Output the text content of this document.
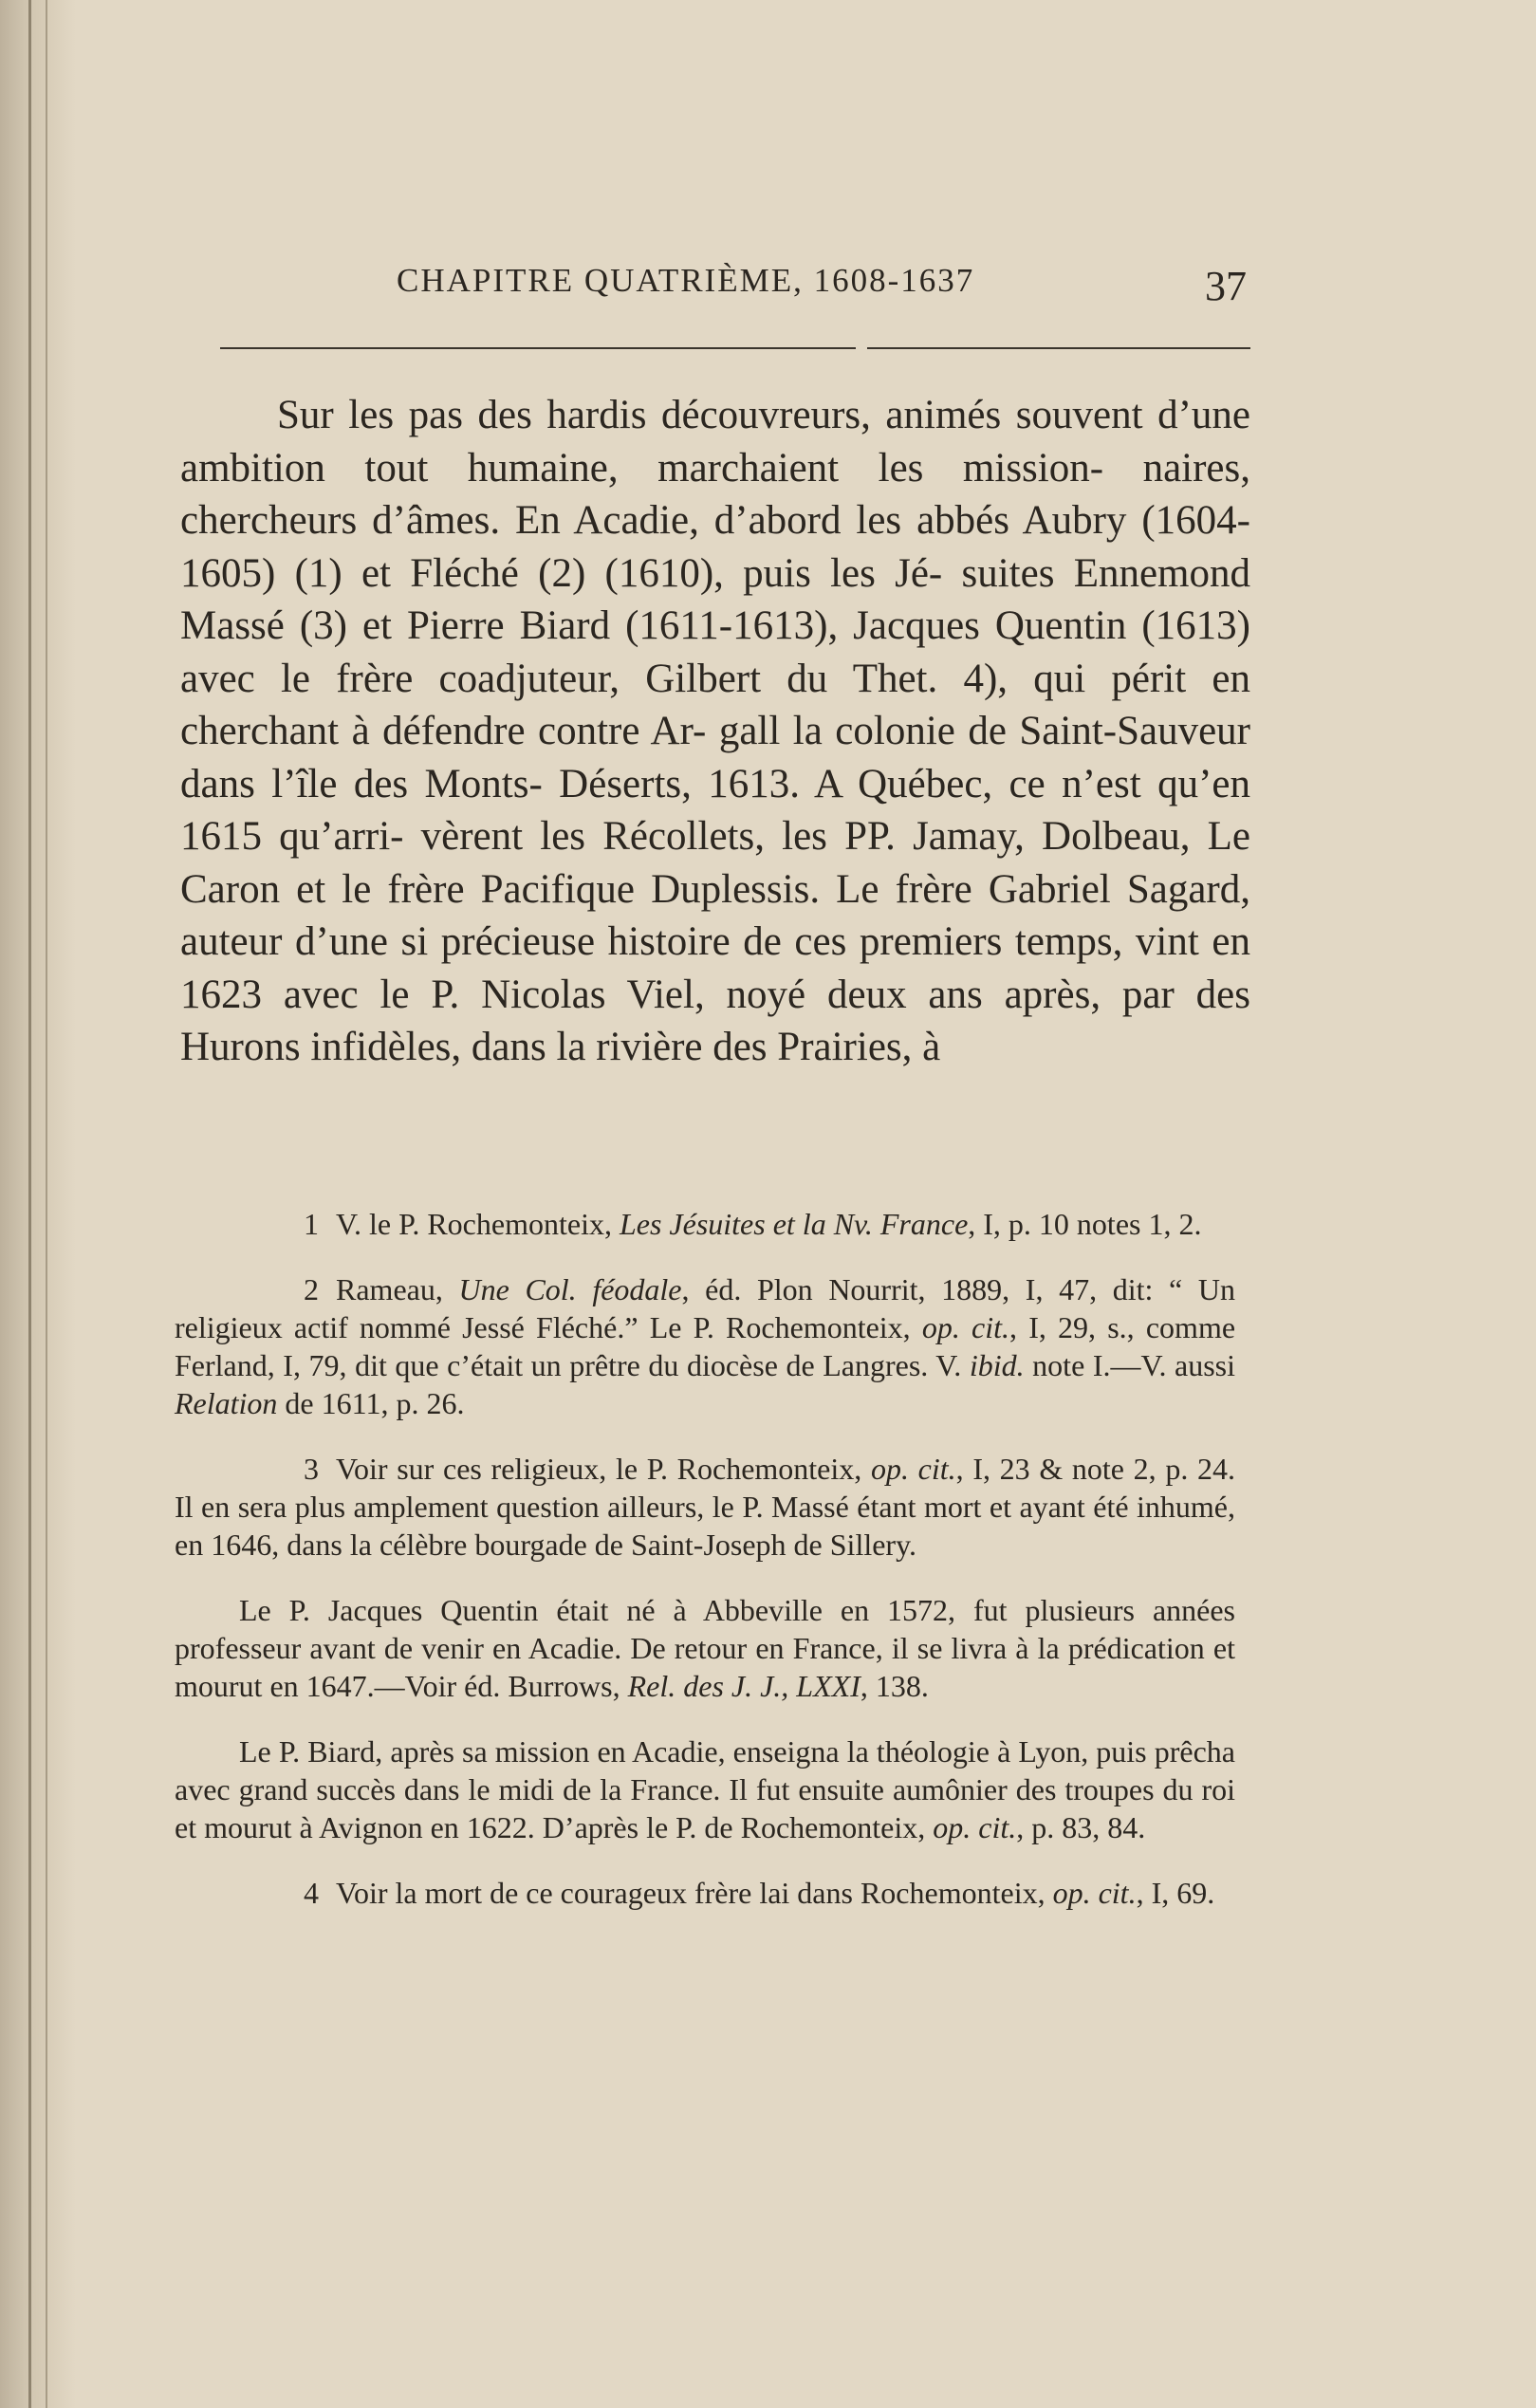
CHAPITRE QUATRIÈME, 1608-1637	37

Sur les pas des hardis découvreurs, animés souvent d’une ambition tout humaine, marchaient les mission- naires, chercheurs d’âmes. En Acadie, d’abord les abbés Aubry (1604-1605) (1) et Fléché (2) (1610), puis les Jé- suites Ennemond Massé (3) et Pierre Biard (1611-1613), Jacques Quentin (1613) avec le frère coadjuteur, Gilbert du Thet. 4), qui périt en cherchant à défendre contre Ar- gall la colonie de Saint-Sauveur dans l’île des Monts- Déserts, 1613. A Québec, ce n’est qu’en 1615 qu’arri- vèrent les Récollets, les PP. Jamay, Dolbeau, Le Caron et le frère Pacifique Duplessis. Le frère Gabriel Sagard, auteur d’une si précieuse histoire de ces premiers temps, vint en 1623 avec le P. Nicolas Viel, noyé deux ans après, par des Hurons infidèles, dans la rivière des Prairies, à

1 V. le P. Rochemonteix, Les Jésuites et la Nv. France, I, p. 10 notes 1, 2.

2 Rameau, Une Col. féodale, éd. Plon Nourrit, 1889, I, 47, dit: “ Un religieux actif nommé Jessé Fléché.” Le P. Rochemonteix, op. cit., I, 29, s., comme Ferland, I, 79, dit que c’était un prêtre du diocèse de Langres. V. ibid. note I.—V. aussi Relation de 1611, p. 26.

3 Voir sur ces religieux, le P. Rochemonteix, op. cit., I, 23 & note 2, p. 24. Il en sera plus amplement question ailleurs, le P. Massé étant mort et ayant été inhumé, en 1646, dans la célèbre bourgade de Saint-Joseph de Sillery.

Le P. Jacques Quentin était né à Abbeville en 1572, fut plusieurs années professeur avant de venir en Acadie. De retour en France, il se livra à la prédication et mourut en 1647.—Voir éd. Burrows, Rel. des J. J., LXXI, 138.

Le P. Biard, après sa mission en Acadie, enseigna la théologie à Lyon, puis prêcha avec grand succès dans le midi de la France. Il fut ensuite aumônier des troupes du roi et mourut à Avignon en 1622. D’après le P. de Rochemonteix, op. cit., p. 83, 84.

4 Voir la mort de ce courageux frère lai dans Rochemonteix, op. cit., I, 69.
